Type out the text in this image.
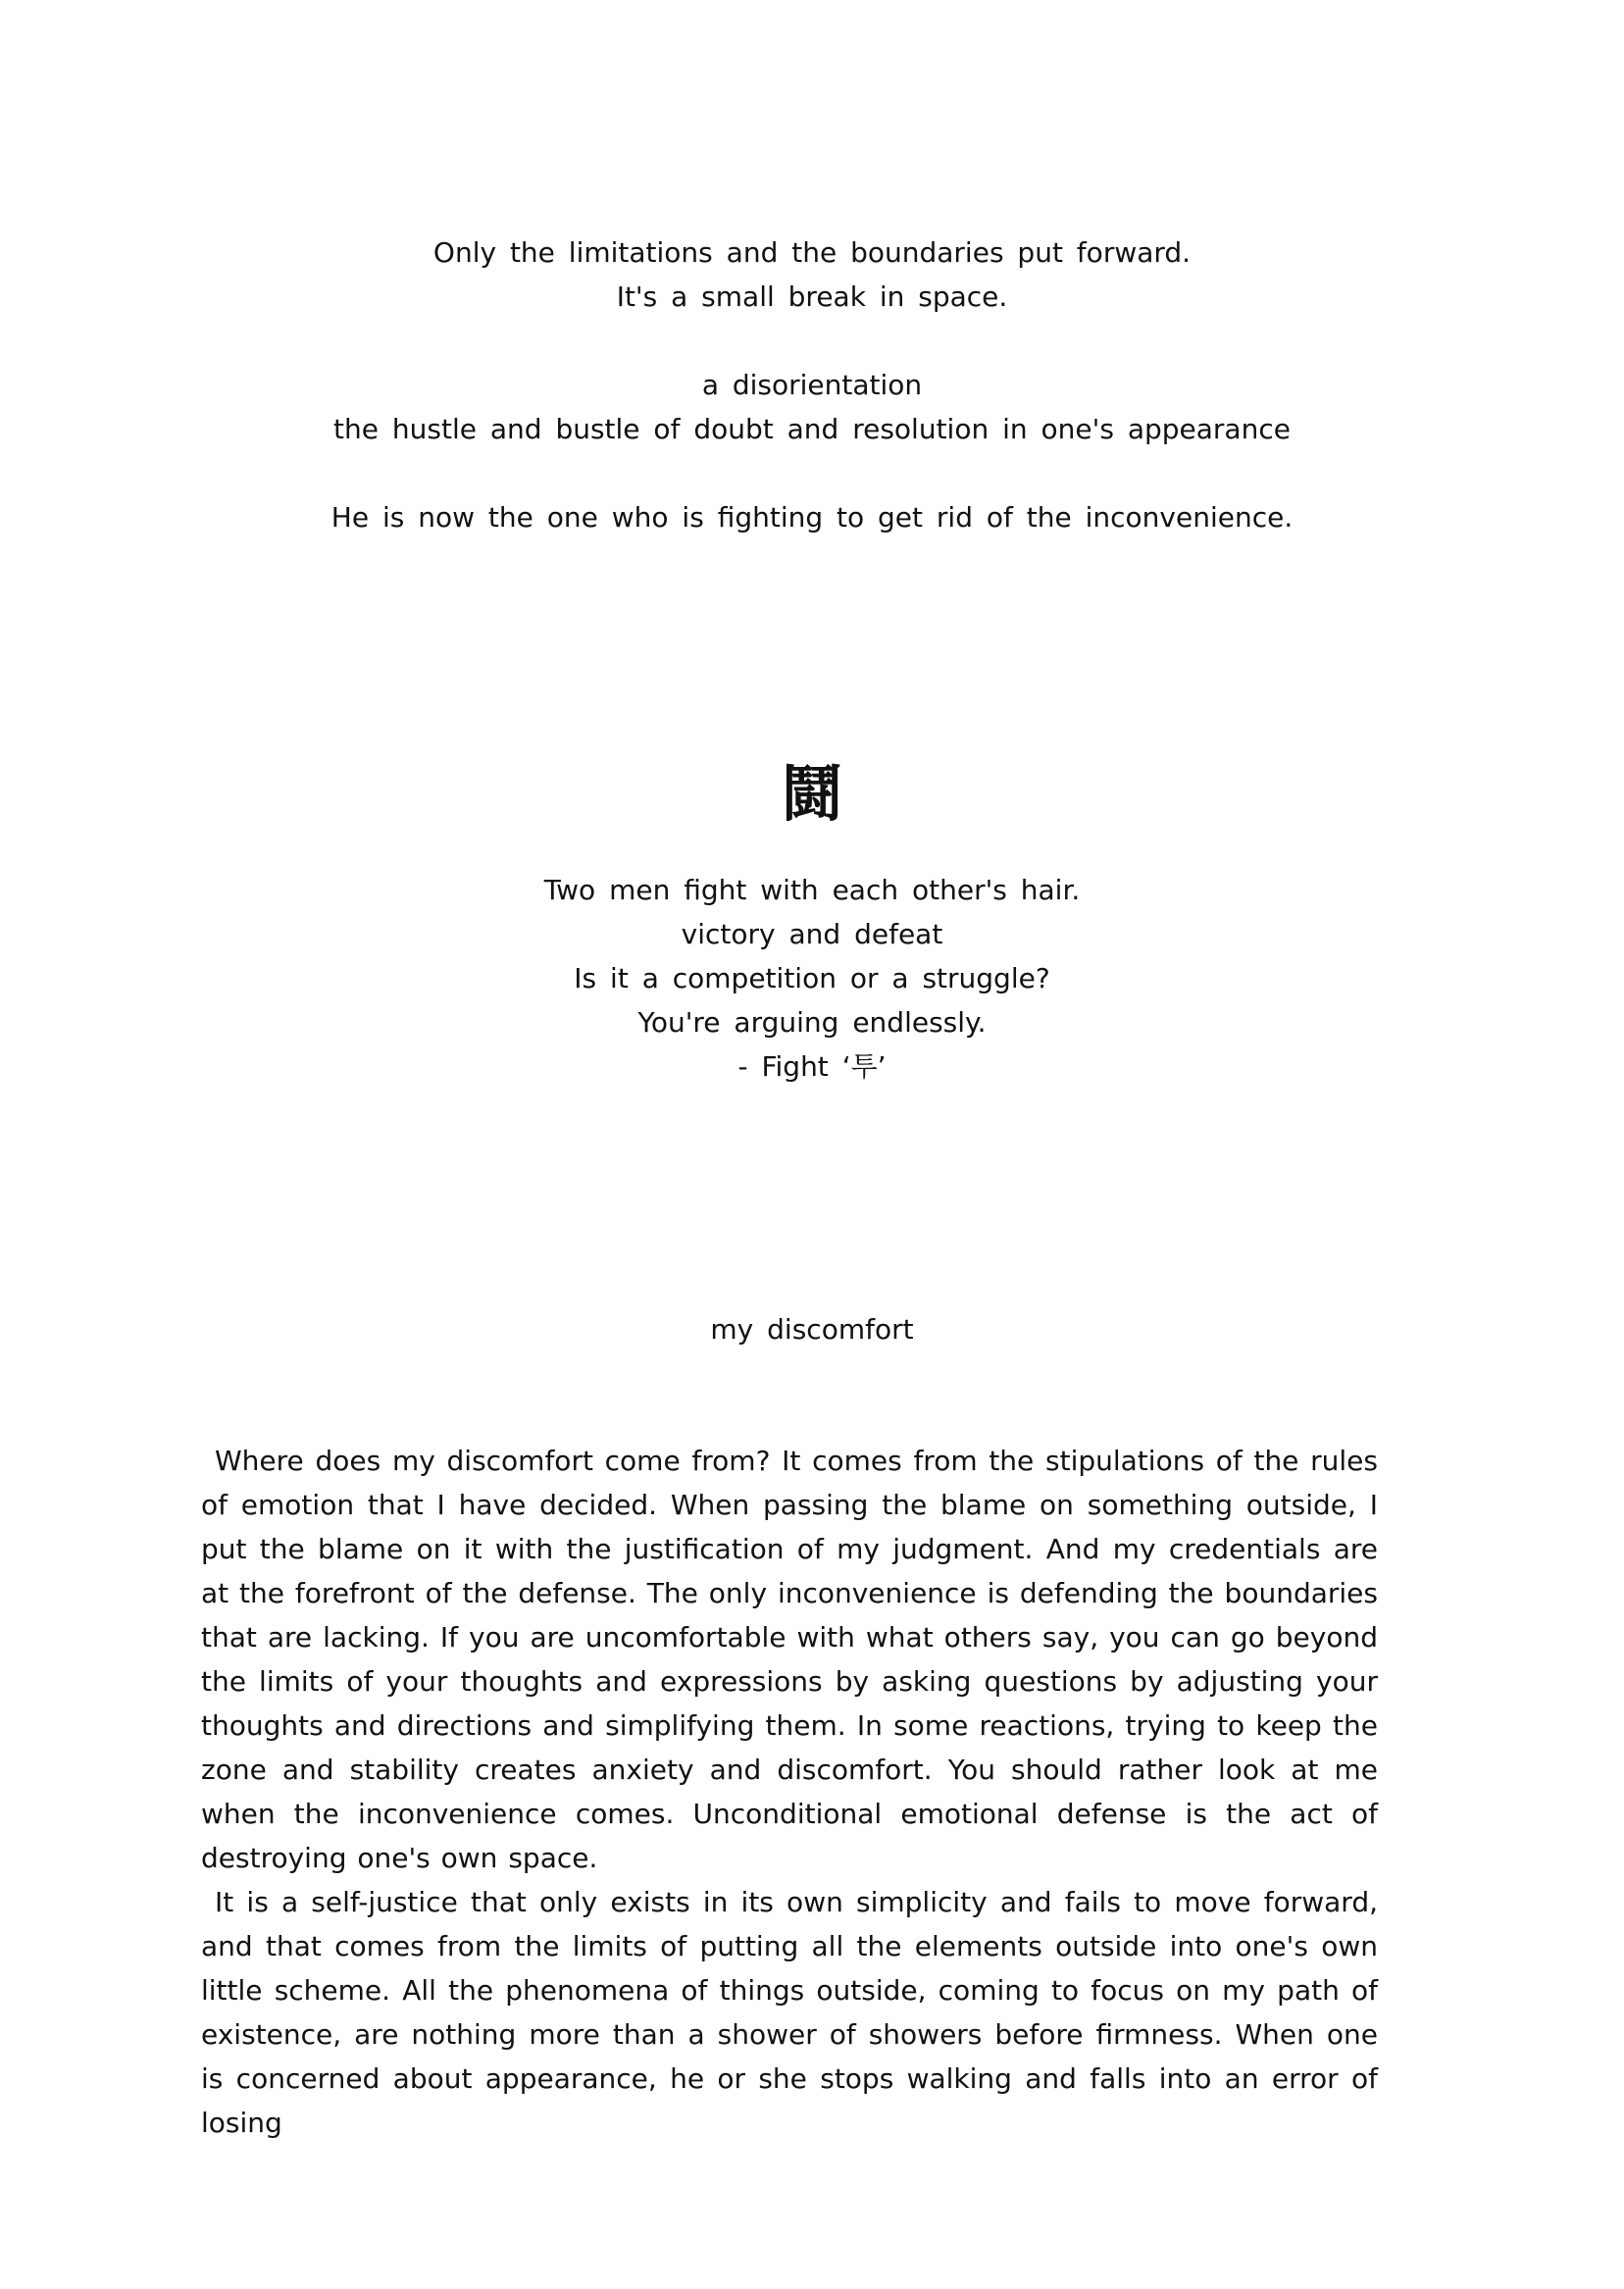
Only the limitations and the boundaries put forward.
It's a small break in space.
a disorientation
the hustle and bustle of doubt and resolution in one's appearance
He is now the one who is fighting to get rid of the inconvenience.
鬪
Two men fight with each other's hair.
victory and defeat
Is it a competition or a struggle?
You're arguing endlessly.
- Fight ‘투’
my discomfort

Where does my discomfort come from? It comes from the stipulations of the rules of emotion that I have decided. When passing the blame on something outside, I put the blame on it with the justification of my judgment. And my credentials are at the forefront of the defense. The only inconvenience is defending the boundaries that are lacking. If you are uncomfortable with what others say, you can go beyond the limits of your thoughts and expressions by asking questions by adjusting your thoughts and directions and simplifying them. In some reactions, trying to keep the zone and stability creates anxiety and discomfort. You should rather look at me when the inconvenience comes. Unconditional emotional defense is the act of destroying one's own space.

It is a self-justice that only exists in its own simplicity and fails to move forward, and that comes from the limits of putting all the elements outside into one's own little scheme. All the phenomena of things outside, coming to focus on my path of existence, are nothing more than a shower of showers before firmness. When one is concerned about appearance, he or she stops walking and falls into an error of losing
